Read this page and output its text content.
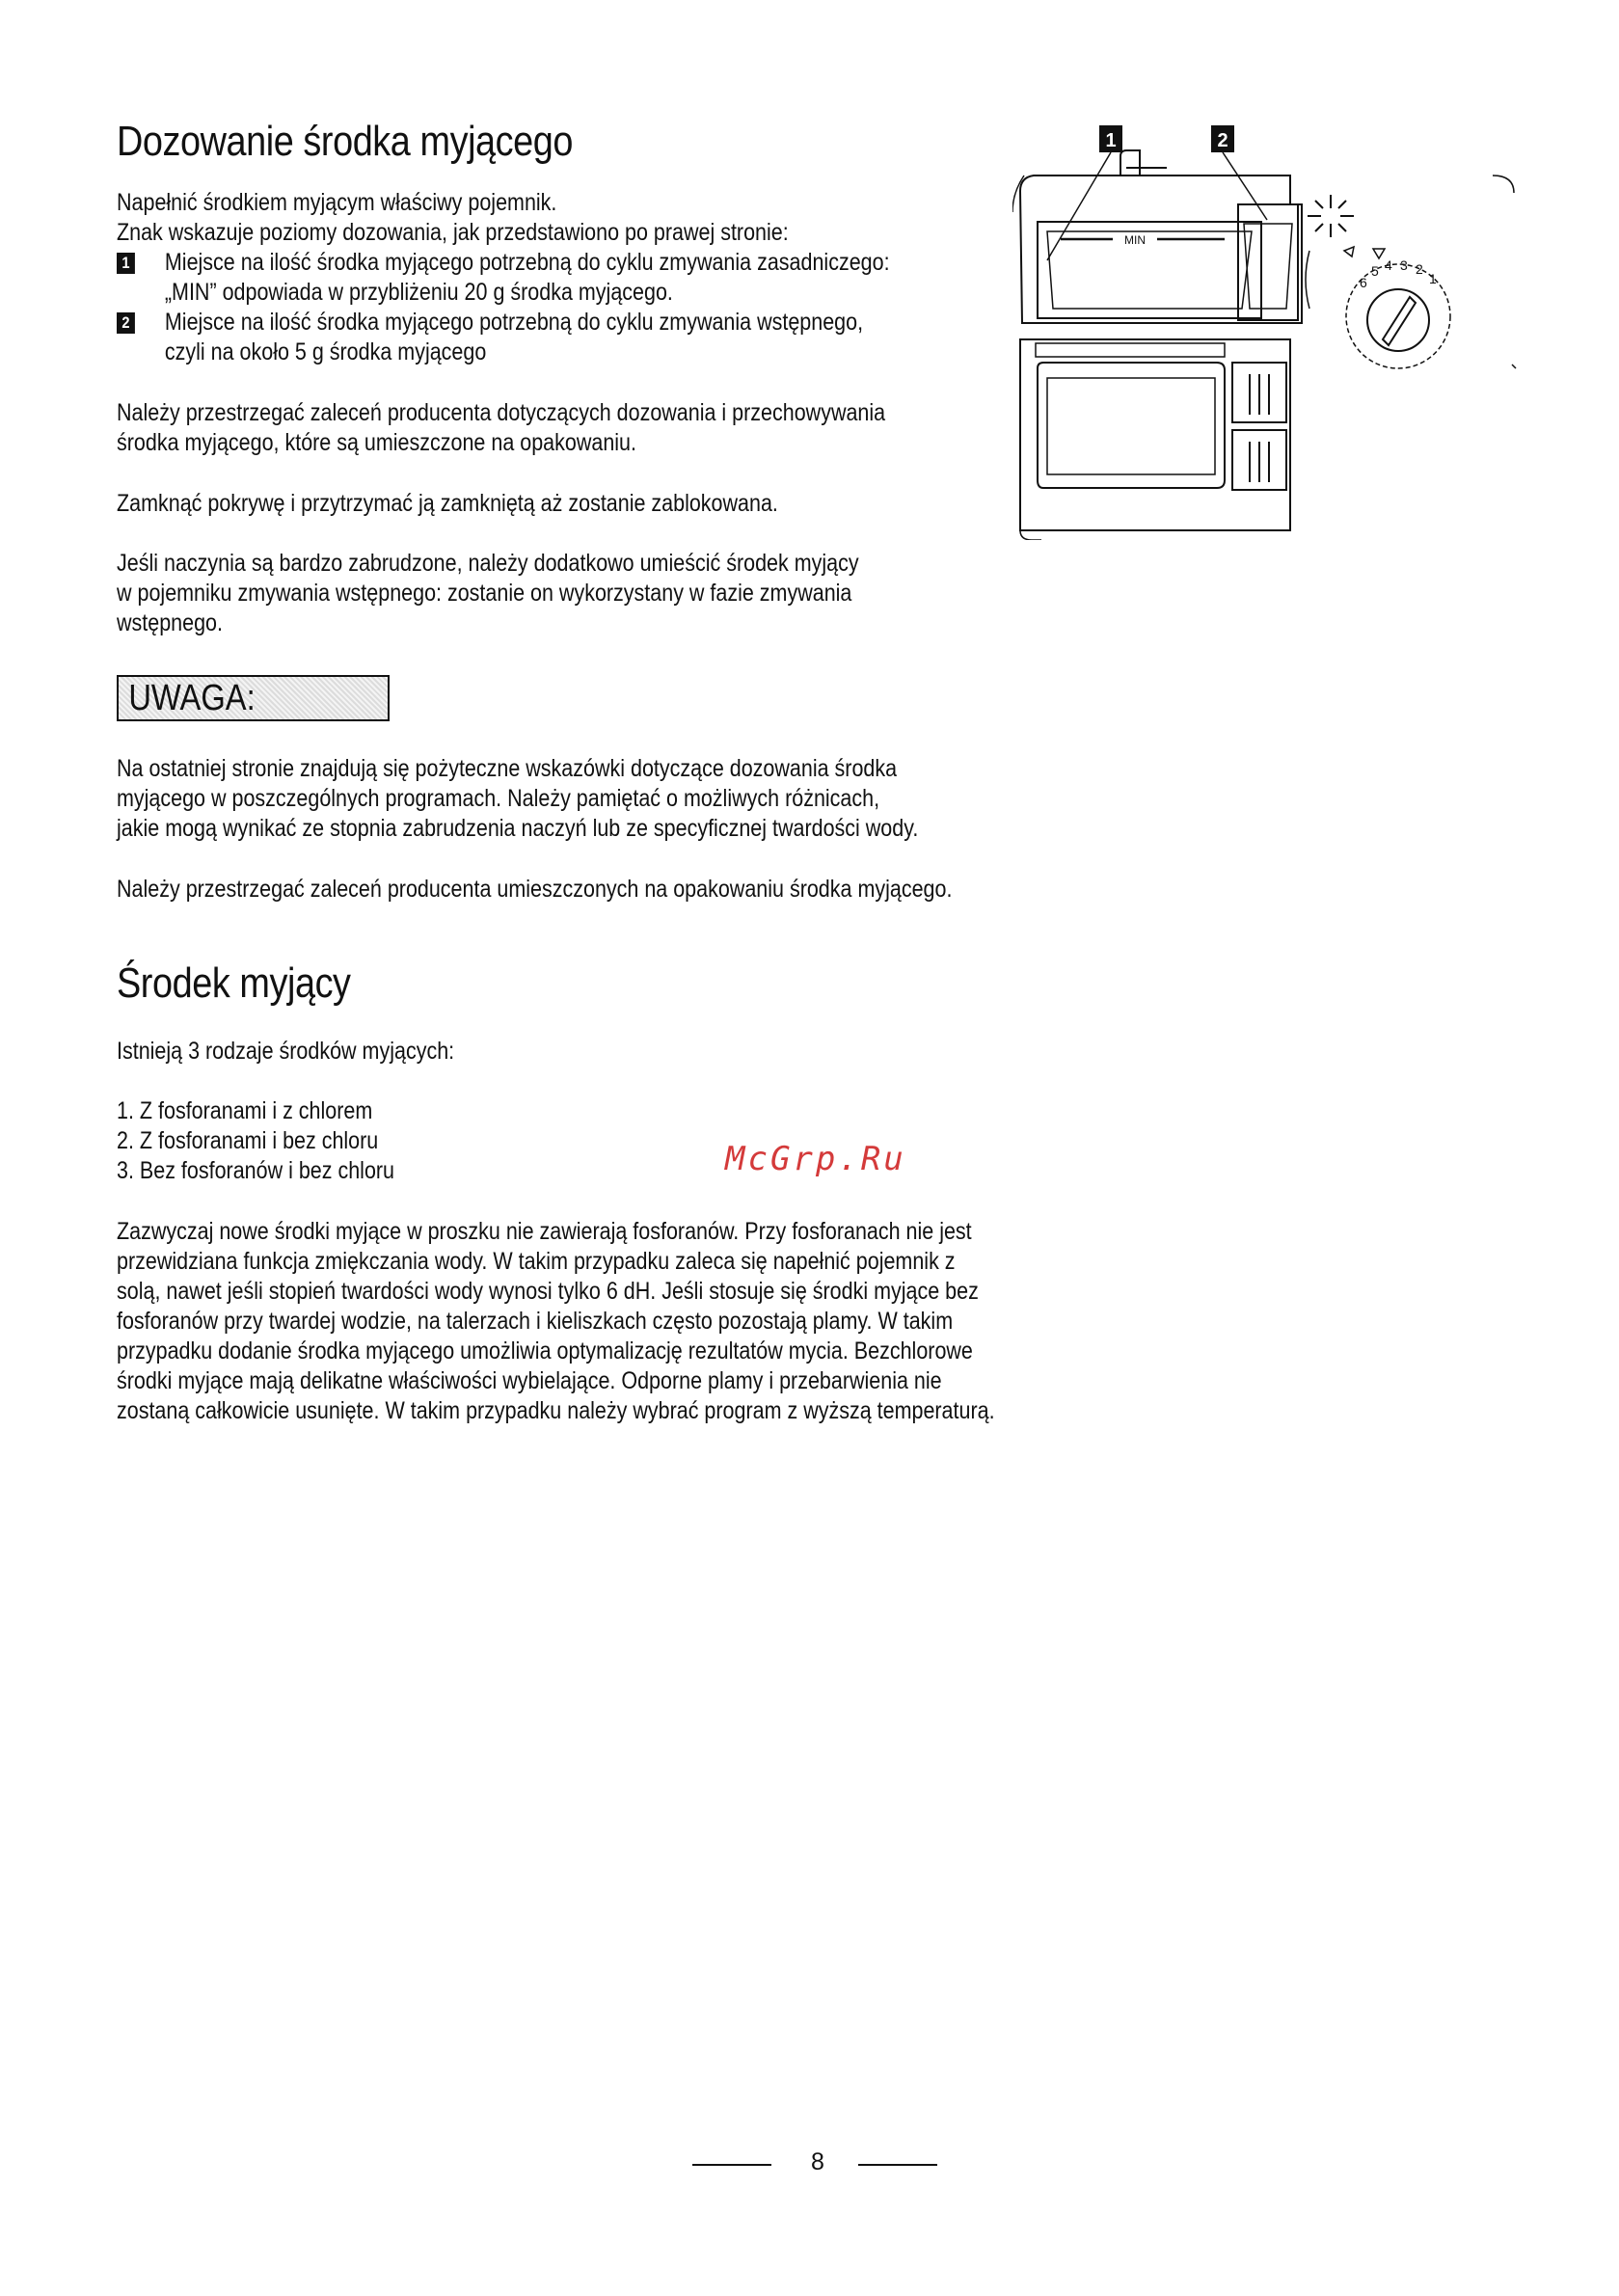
Dozowanie środka myjącego
Napełnić środkiem myjącym właściwy pojemnik.
Znak wskazuje poziomy dozowania, jak przedstawiono po prawej stronie:
1 Miejsce na ilość środka myjącego potrzebną do cyklu zmywania zasadniczego:
„MIN” odpowiada w przybliżeniu 20 g środka myjącego.
2 Miejsce na ilość środka myjącego potrzebną do cyklu zmywania wstępnego,
czyli na około 5 g środka myjącego
Należy przestrzegać zaleceń producenta dotyczących dozowania i przechowywania
środka myjącego, które są umieszczone na opakowaniu.
Zamknąć pokrywę i przytrzymać ją zamkniętą aż zostanie zablokowana.
Jeśli naczynia są bardzo zabrudzone, należy dodatkowo umieścić środek myjący
w pojemniku zmywania wstępnego: zostanie on wykorzystany w fazie zmywania
wstępnego.
1	2
MIN
6
5 4 3 2
1
UWAGA:
Na ostatniej stronie znajdują się pożyteczne wskazówki dotyczące dozowania środka
myjącego w poszczególnych programach. Należy pamiętać o możliwych różnicach,
jakie mogą wynikać ze stopnia zabrudzenia naczyń lub ze specyficznej twardości wody.
Należy przestrzegać zaleceń producenta umieszczonych na opakowaniu środka myjącego.
Środek myjący
Istnieją 3 rodzaje środków myjących:
1. Z fosforanami i z chlorem
2. Z fosforanami i bez chloru
3. Bez fosforanów i bez chloru	McGrp.Ru
Zazwyczaj nowe środki myjące w proszku nie zawierają fosforanów. Przy fosforanach nie jest
przewidziana funkcja zmiękczania wody. W takim przypadku zaleca się napełnić pojemnik z
solą, nawet jeśli stopień twardości wody wynosi tylko 6 dH. Jeśli stosuje się środki myjące bez
fosforanów przy twardej wodzie, na talerzach i kieliszkach często pozostają plamy. W takim
przypadku dodanie środka myjącego umożliwia optymalizację rezultatów mycia. Bezchlorowe
środki myjące mają delikatne właściwości wybielające. Odporne plamy i przebarwienia nie
zostaną całkowicie usunięte. W takim przypadku należy wybrać program z wyższą temperaturą.
8
